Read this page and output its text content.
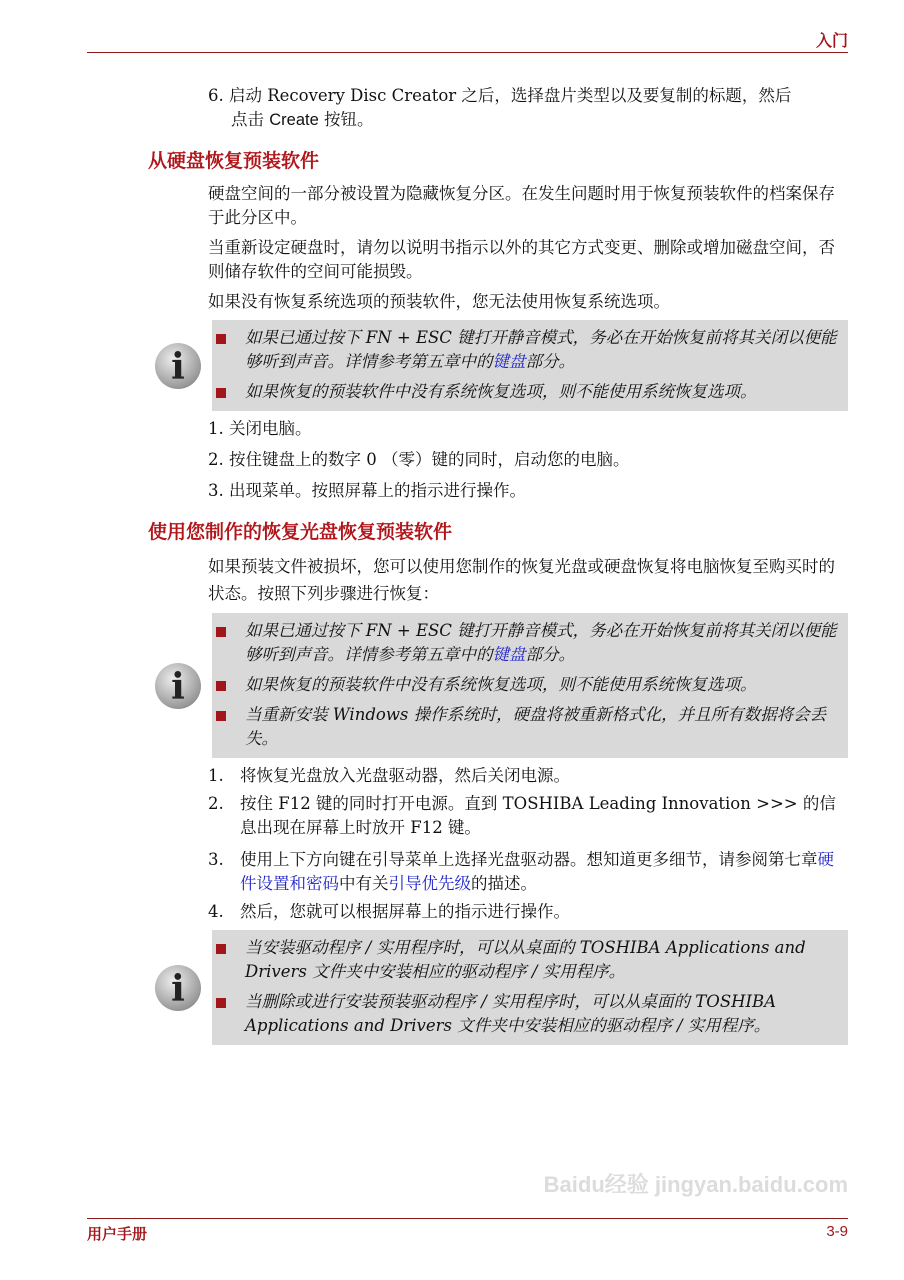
入门
6. 启动 Recovery Disc Creator 之后，选择盘片类型以及要复制的标题，然后
点击 Create 按钮。
从硬盘恢复预装软件
硬盘空间的一部分被设置为隐藏恢复分区。在发生问题时用于恢复预装软件的档案保存于此分区中。
当重新设定硬盘时，请勿以说明书指示以外的其它方式变更、删除或增加磁盘空间，否则储存软件的空间可能损毁。
如果没有恢复系统选项的预装软件，您无法使用恢复系统选项。
i
如果已通过按下 FN + ESC 键打开静音模式，务必在开始恢复前将其关闭以便能够听到声音。详情参考第五章中的键盘部分。
如果恢复的预装软件中没有系统恢复选项，则不能使用系统恢复选项。
1. 关闭电脑。
2. 按住键盘上的数字 0 （零）键的同时，启动您的电脑。
3. 出现菜单。按照屏幕上的指示进行操作。
使用您制作的恢复光盘恢复预装软件
如果预装文件被损坏，您可以使用您制作的恢复光盘或硬盘恢复将电脑恢复至购买时的状态。按照下列步骤进行恢复：
i
如果已通过按下 FN + ESC 键打开静音模式，务必在开始恢复前将其关闭以便能够听到声音。详情参考第五章中的键盘部分。
如果恢复的预装软件中没有系统恢复选项，则不能使用系统恢复选项。
当重新安装 Windows 操作系统时，硬盘将被重新格式化，并且所有数据将会丢失。
1. 将恢复光盘放入光盘驱动器，然后关闭电源。
2. 按住 F12 键的同时打开电源。直到 TOSHIBA Leading Innovation >>> 的信息出现在屏幕上时放开 F12 键。
3. 使用上下方向键在引导菜单上选择光盘驱动器。想知道更多细节，请参阅第七章硬件设置和密码中有关引导优先级的描述。
4. 然后，您就可以根据屏幕上的指示进行操作。
i
当安装驱动程序 / 实用程序时，可以从桌面的 TOSHIBA Applications and Drivers 文件夹中安装相应的驱动程序 / 实用程序。
当删除或进行安装预装驱动程序 / 实用程序时，可以从桌面的 TOSHIBA Applications and Drivers 文件夹中安装相应的驱动程序 / 实用程序。
Baidu经验 jingyan.baidu.com
用户手册	3-9
